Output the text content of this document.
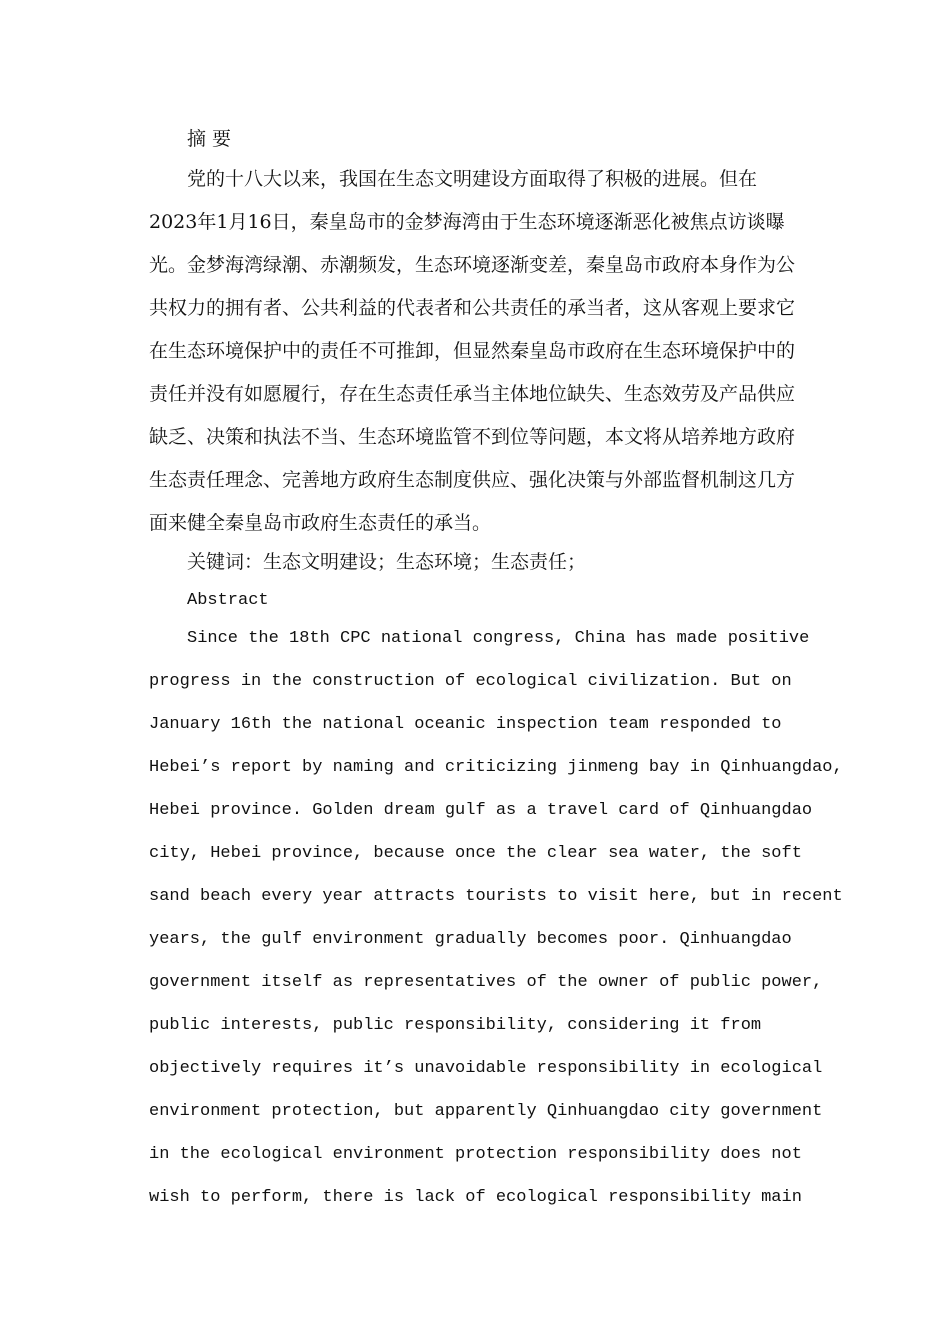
摘 要
党的十八大以来，我国在生态文明建设方面取得了积极的进展。但在
2023年1月16日，秦皇岛市的金梦海湾由于生态环境逐渐恶化被焦点访谈曝
光。金梦海湾绿潮、赤潮频发，生态环境逐渐变差，秦皇岛市政府本身作为公
共权力的拥有者、公共利益的代表者和公共责任的承当者，这从客观上要求它
在生态环境保护中的责任不可推卸，但显然秦皇岛市政府在生态环境保护中的
责任并没有如愿履行，存在生态责任承当主体地位缺失、生态效劳及产品供应
缺乏、决策和执法不当、生态环境监管不到位等问题，本文将从培养地方政府
生态责任理念、完善地方政府生态制度供应、强化决策与外部监督机制这几方
面来健全秦皇岛市政府生态责任的承当。
关键词：生态文明建设；生态环境；生态责任；
Abstract
Since the 18th CPC national congress, China has made positive
progress in the construction of ecological civilization. But on
January 16th the national oceanic inspection team responded to
Hebei’s report by naming and criticizing jinmeng bay in Qinhuangdao,
Hebei province. Golden dream gulf as a travel card of Qinhuangdao
city, Hebei province, because once the clear sea water, the soft
sand beach every year attracts tourists to visit here, but in recent
years, the gulf environment gradually becomes poor. Qinhuangdao
government itself as representatives of the owner of public power,
public interests, public responsibility, considering it from
objectively requires it’s unavoidable responsibility in ecological
environment protection, but apparently Qinhuangdao city government
in the ecological environment protection responsibility does not
wish to perform, there is lack of ecological responsibility main
